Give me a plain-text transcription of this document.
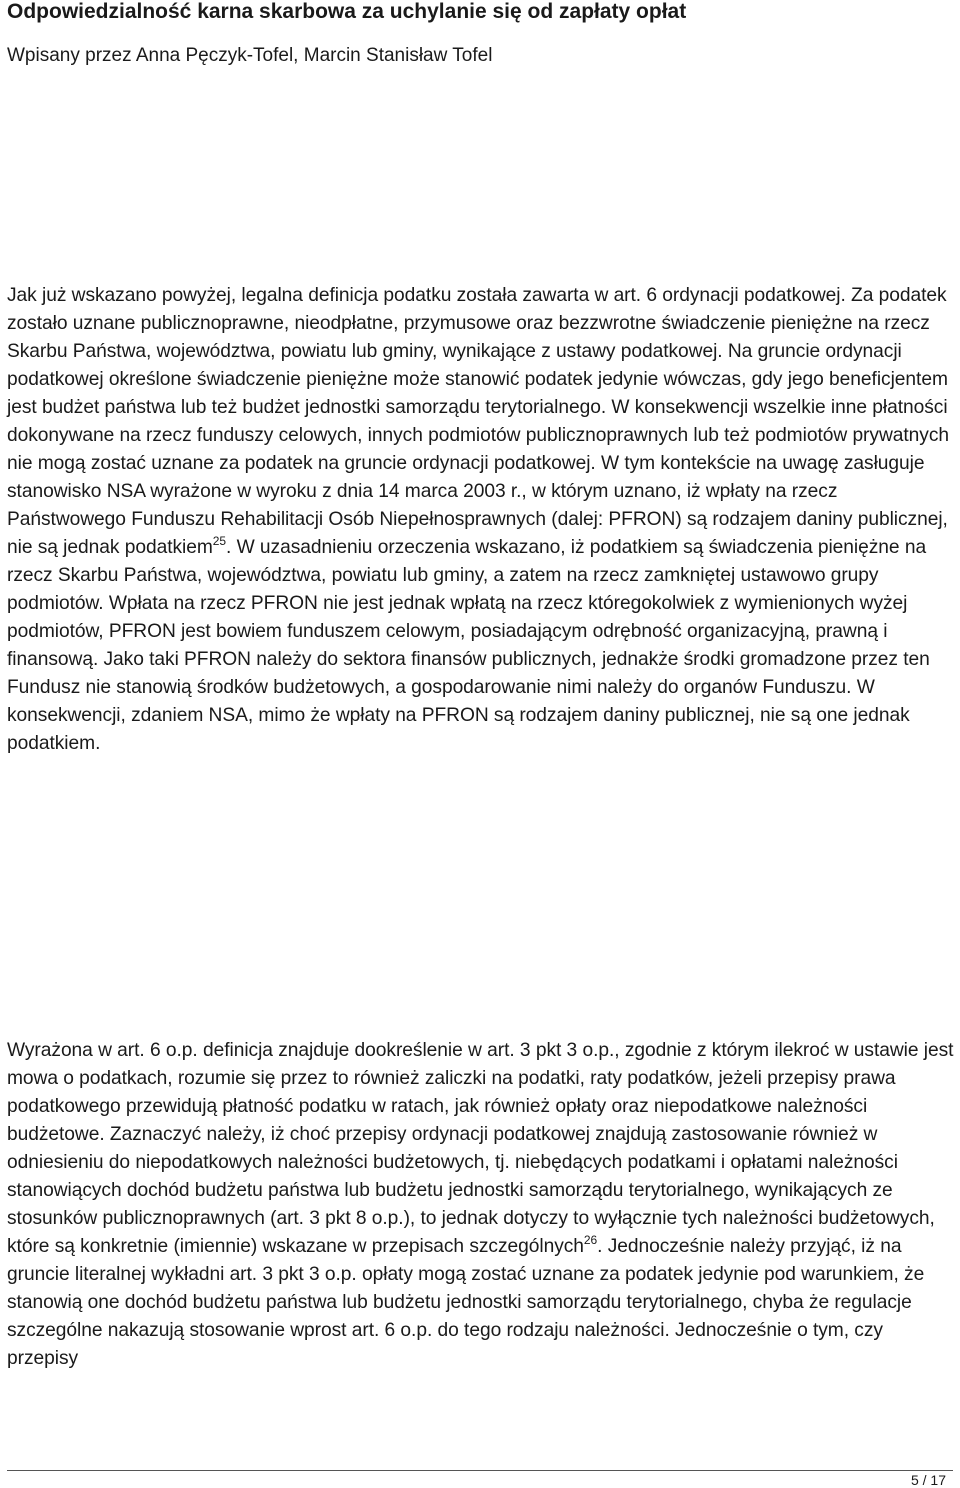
Odpowiedzialność karna skarbowa za uchylanie się od zapłaty opłat
Wpisany przez Anna Pęczyk-Tofel, Marcin Stanisław Tofel

Jak już wskazano powyżej, legalna definicja podatku została zawarta w art. 6 ordynacji podatkowej. Za podatek zostało uznane publicznoprawne, nieodpłatne, przymusowe oraz bezzwrotne świadczenie pieniężne na rzecz Skarbu Państwa, województwa, powiatu lub gminy, wynikające z ustawy podatkowej. Na gruncie ordynacji podatkowej określone świadczenie pieniężne może stanowić podatek jedynie wówczas, gdy jego beneficjentem jest budżet państwa lub też budżet jednostki samorządu terytorialnego. W konsekwencji wszelkie inne płatności dokonywane na rzecz funduszy celowych, innych podmiotów publicznoprawnych lub też podmiotów prywatnych nie mogą zostać uznane za podatek na gruncie ordynacji podatkowej. W tym kontekście na uwagę zasługuje stanowisko NSA wyrażone w wyroku z dnia 14 marca 2003 r., w którym uznano, iż wpłaty na rzecz Państwowego Funduszu Rehabilitacji Osób Niepełnosprawnych (dalej: PFRON) są rodzajem daniny publicznej, nie są jednak podatkiem$^{25}$. W uzasadnieniu orzeczenia wskazano, iż podatkiem są świadczenia pieniężne na rzecz Skarbu Państwa, województwa, powiatu lub gminy, a zatem na rzecz zamkniętej ustawowo grupy podmiotów. Wpłata na rzecz PFRON nie jest jednak wpłatą na rzecz któregokolwiek z wymienionych wyżej podmiotów, PFRON jest bowiem funduszem celowym, posiadającym odrębność organizacyjną, prawną i finansową. Jako taki PFRON należy do sektora finansów publicznych, jednakże środki gromadzone przez ten Fundusz nie stanowią środków budżetowych, a gospodarowanie nimi należy do organów Funduszu. W konsekwencji, zdaniem NSA, mimo że wpłaty na PFRON są rodzajem daniny publicznej, nie są one jednak podatkiem.

Wyrażona w art. 6 o.p. definicja znajduje dookreślenie w art. 3 pkt 3 o.p., zgodnie z którym ilekroć w ustawie jest mowa o podatkach, rozumie się przez to również zaliczki na podatki, raty podatków, jeżeli przepisy prawa podatkowego przewidują płatność podatku w ratach, jak również opłaty oraz niepodatkowe należności budżetowe. Zaznaczyć należy, iż choć przepisy ordynacji podatkowej znajdują zastosowanie również w odniesieniu do niepodatkowych należności budżetowych, tj. niebędących podatkami i opłatami należności stanowiących dochód budżetu państwa lub budżetu jednostki samorządu terytorialnego, wynikających ze stosunków publicznoprawnych (art. 3 pkt 8 o.p.), to jednak dotyczy to wyłącznie tych należności budżetowych, które są konkretnie (imiennie) wskazane w przepisach szczególnych$^{26}$. Jednocześnie należy przyjąć, iż na gruncie literalnej wykładni art. 3 pkt 3 o.p. opłaty mogą zostać uznane za podatek jedynie pod warunkiem, że stanowią one dochód budżetu państwa lub budżetu jednostki samorządu terytorialnego, chyba że regulacje szczególne nakazują stosowanie wprost art. 6 o.p. do tego rodzaju należności. Jednocześnie o tym, czy przepisy

5 / 17
